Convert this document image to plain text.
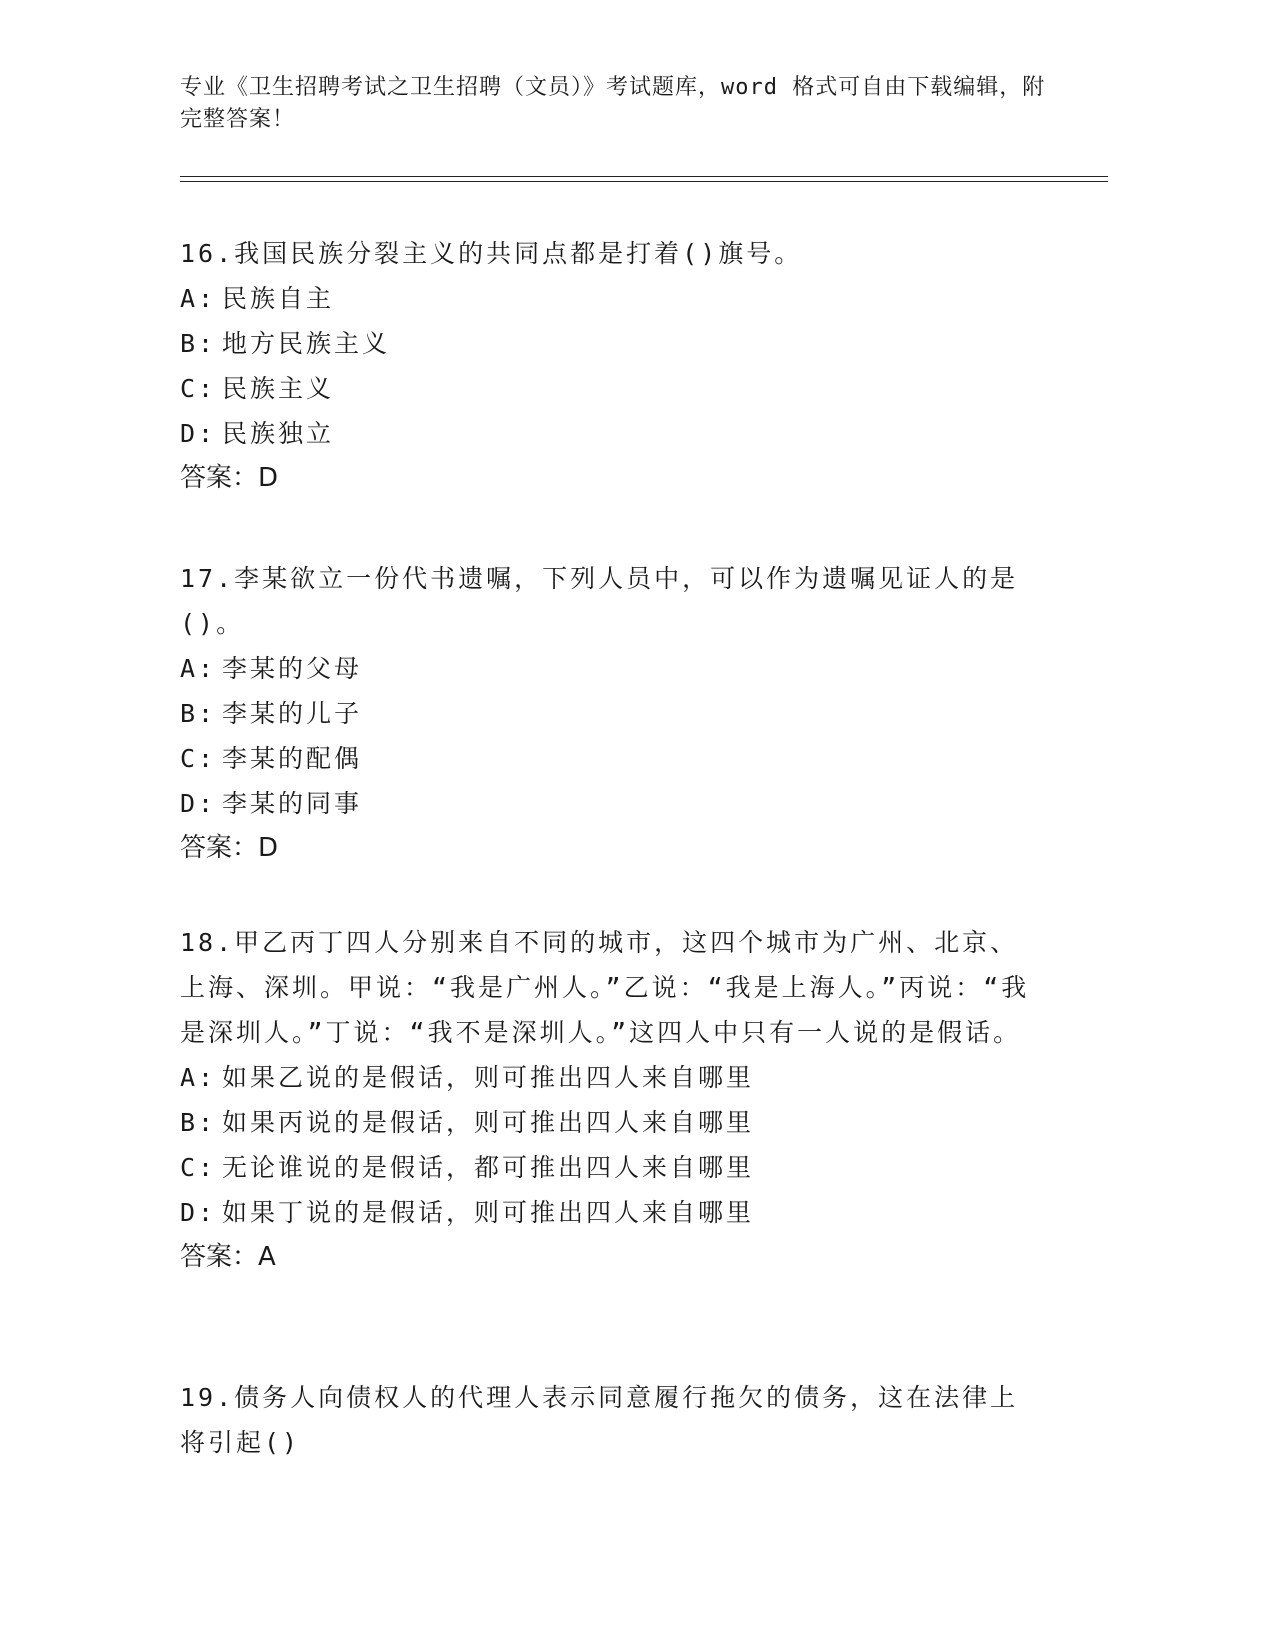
专业《卫生招聘考试之卫生招聘（文员）》考试题库，word 格式可自由下载编辑，附完整答案！
16.我国民族分裂主义的共同点都是打着()旗号。
A: 民族自主
B: 地方民族主义
C: 民族主义
D: 民族独立
答案：D
17.李某欲立一份代书遗嘱，下列人员中，可以作为遗嘱见证人的是()。
A: 李某的父母
B: 李某的儿子
C: 李某的配偶
D: 李某的同事
答案：D
18.甲乙丙丁四人分别来自不同的城市，这四个城市为广州、北京、上海、深圳。甲说：“我是广州人。”乙说：“我是上海人。”丙说：“我是深圳人。”丁说：“我不是深圳人。”这四人中只有一人说的是假话。
A: 如果乙说的是假话，则可推出四人来自哪里
B: 如果丙说的是假话，则可推出四人来自哪里
C: 无论谁说的是假话，都可推出四人来自哪里
D: 如果丁说的是假话，则可推出四人来自哪里
答案：A
19.债务人向债权人的代理人表示同意履行拖欠的债务，这在法律上将引起()
